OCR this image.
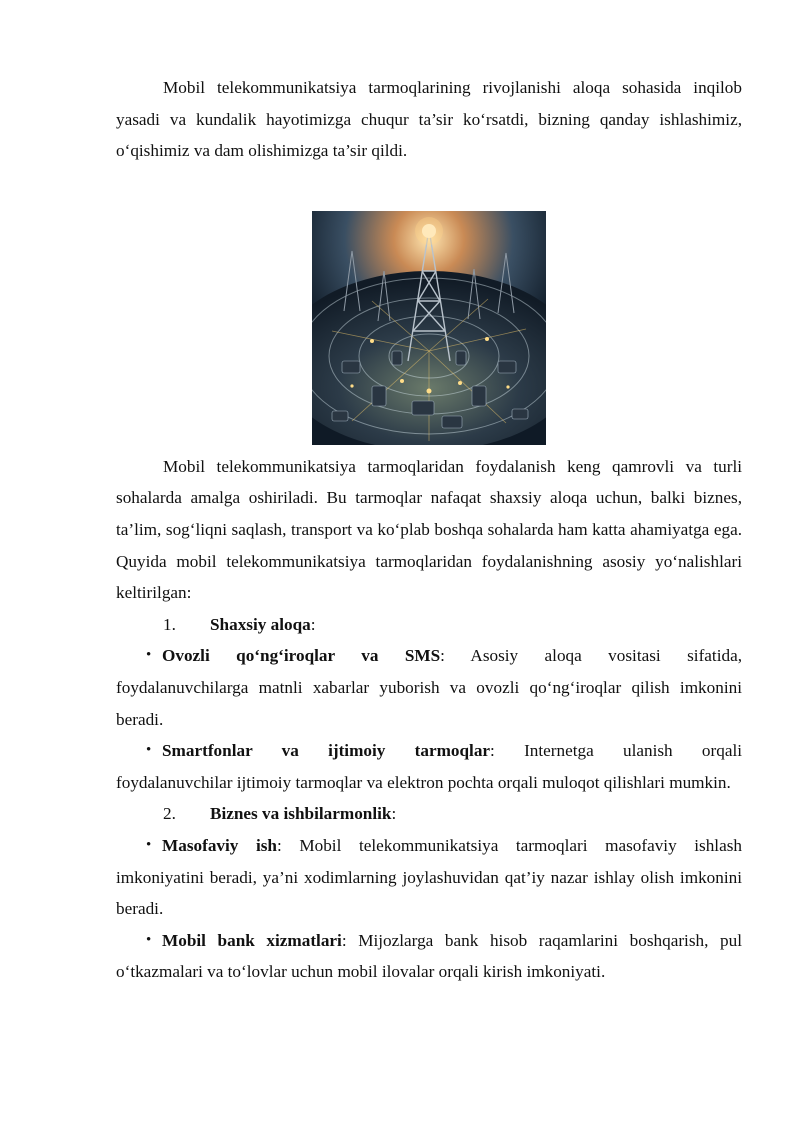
Mobil telekommunikatsiya tarmoqlarining rivojlanishi aloqa sohasida inqilob yasadi va kundalik hayotimizga chuqur ta’sir ko‘rsatdi, bizning qanday ishlashimiz, o‘qishimiz va dam olishimizga ta’sir qildi.

Mobil telekommunikatsiya tarmoqlaridan foydalanish keng qamrovli va turli sohalarda amalga oshiriladi. Bu tarmoqlar nafaqat shaxsiy aloqa uchun, balki biznes, ta’lim, sog‘liqni saqlash, transport va ko‘plab boshqa sohalarda ham katta ahamiyatga ega. Quyida mobil telekommunikatsiya tarmoqlaridan foydalanishning asosiy yo‘nalishlari keltirilgan:

1.	Shaxsiy aloqa:
• Ovozli qo‘ng‘iroqlar va SMS: Asosiy aloqa vositasi sifatida,
foydalanuvchilarga matnli xabarlar yuborish va ovozli qo‘ng‘iroqlar qilish imkonini beradi.
• Smartfonlar va ijtimoiy tarmoqlar: Internetga ulanish orqali
foydalanuvchilar ijtimoiy tarmoqlar va elektron pochta orqali muloqot qilishlari mumkin.
2.	Biznes va ishbilarmonlik:
• Masofaviy ish: Mobil telekommunikatsiya tarmoqlari masofaviy ishlash
imkoniyatini beradi, ya’ni xodimlarning joylashuvidan qat’iy nazar ishlay olish imkonini beradi.
• Mobil bank xizmatlari: Mijozlarga bank hisob raqamlarini boshqarish, pul
o‘tkazmalari va to‘lovlar uchun mobil ilovalar orqali kirish imkoniyati.
